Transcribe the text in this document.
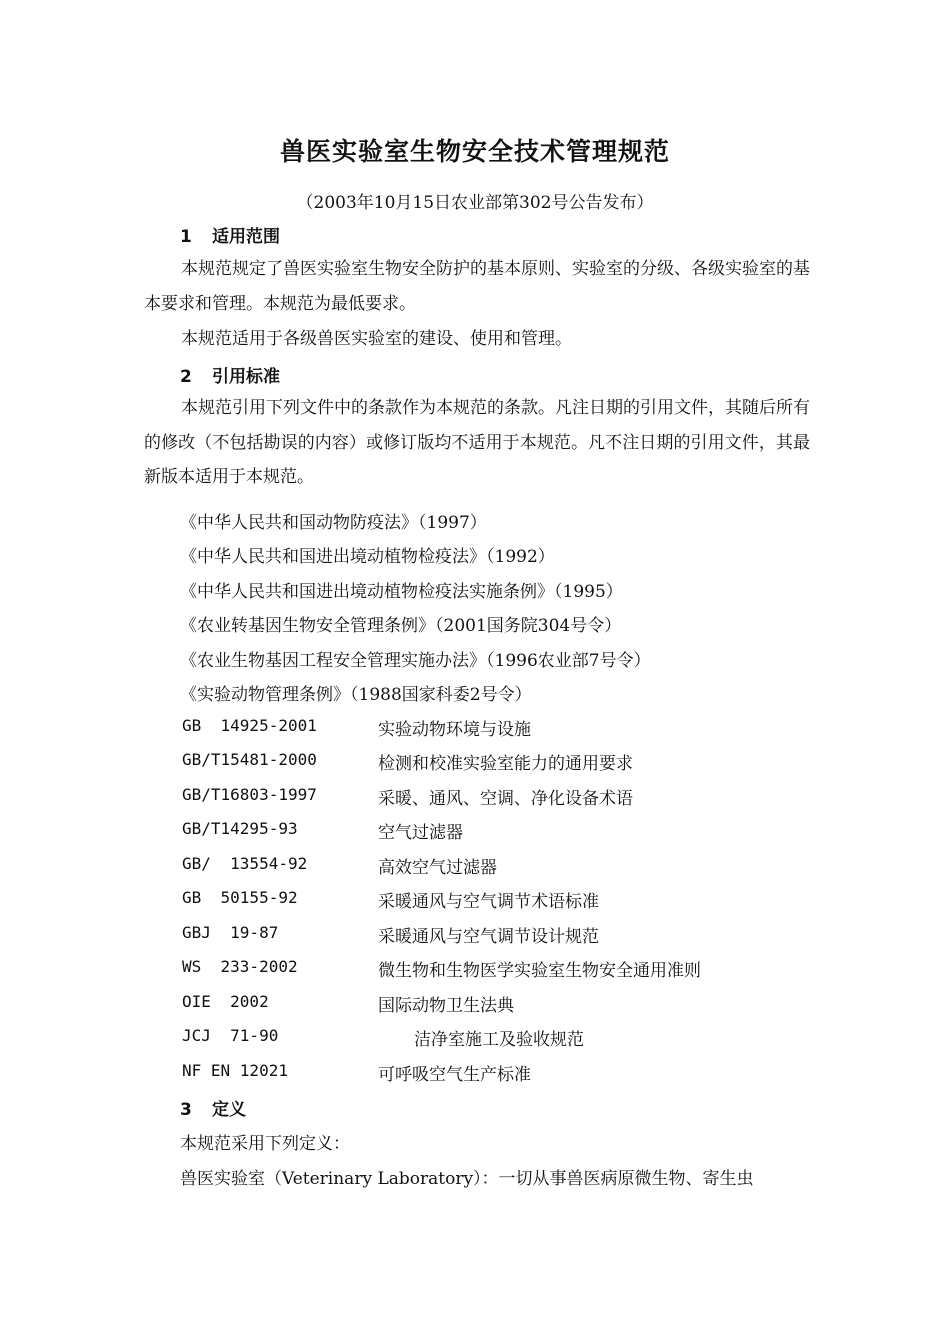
兽医实验室生物安全技术管理规范
（2003年10月15日农业部第302号公告发布）
1 适用范围

本规范规定了兽医实验室生物安全防护的基本原则、实验室的分级、各级实验室的基本要求和管理。本规范为最低要求。

本规范适用于各级兽医实验室的建设、使用和管理。

2 引用标准

本规范引用下列文件中的条款作为本规范的条款。凡注日期的引用文件，其随后所有的修改（不包括勘误的内容）或修订版均不适用于本规范。凡不注日期的引用文件，其最新版本适用于本规范。

《中华人民共和国动物防疫法》（1997）
《中华人民共和国进出境动植物检疫法》（1992）
《中华人民共和国进出境动植物检疫法实施条例》（1995）
《农业转基因生物安全管理条例》（2001国务院304号令）
《农业生物基因工程安全管理实施办法》（1996农业部7号令）
《实验动物管理条例》（1988国家科委2号令）
GB  14925-2001	实验动物环境与设施
GB/T15481-2000	检测和校准实验室能力的通用要求
GB/T16803-1997	采暖、通风、空调、净化设备术语
GB/T14295-93	空气过滤器
GB/  13554-92	高效空气过滤器
GB  50155-92	采暖通风与空气调节术语标准
GBJ  19-87	采暖通风与空气调节设计规范
WS  233-2002	微生物和生物医学实验室生物安全通用准则
OIE  2002	国际动物卫生法典
JCJ  71-90	洁净室施工及验收规范
NF EN 12021	可呼吸空气生产标准
3 定义
本规范采用下列定义：
兽医实验室（Veterinary Laboratory）：一切从事兽医病原微生物、寄生虫
